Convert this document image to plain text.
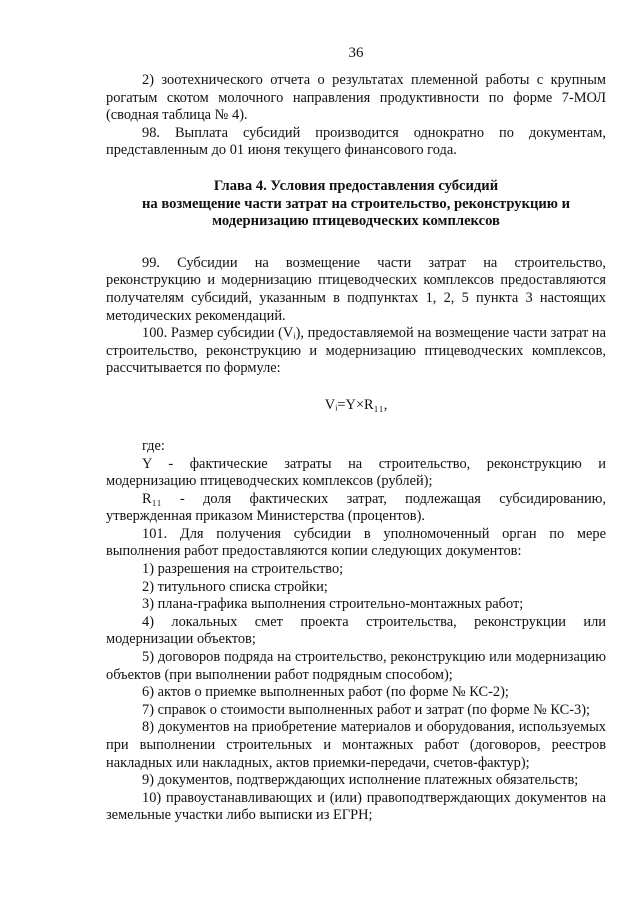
36

2) зоотехнического отчета о результатах племенной работы с крупным рогатым скотом молочного направления продуктивности по форме 7-МОЛ (сводная таблица № 4).

98. Выплата субсидий производится однократно по документам, представленным до 01 июня текущего финансового года.

Глава 4. Условия предоставления субсидий
на возмещение части затрат на строительство, реконструкцию и
модернизацию птицеводческих комплексов

99. Субсидии на возмещение части затрат на строительство, реконструкцию и модернизацию птицеводческих комплексов предоставляются получателям субсидий, указанным в подпунктах 1, 2, 5 пункта 3 настоящих методических рекомендаций.

100. Размер субсидии (Vᵢ), предоставляемой на возмещение части затрат на строительство, реконструкцию и модернизацию птицеводческих комплексов, рассчитывается по формуле:

Vᵢ=Y×R₁₁,

где:

Y - фактические затраты на строительство, реконструкцию и модернизацию птицеводческих комплексов (рублей);

R₁₁ - доля фактических затрат, подлежащая субсидированию, утвержденная приказом Министерства (процентов).

101. Для получения субсидии в уполномоченный орган по мере выполнения работ предоставляются копии следующих документов:

1) разрешения на строительство;

2) титульного списка стройки;

3) плана-графика выполнения строительно-монтажных работ;

4) локальных смет проекта строительства, реконструкции или модернизации объектов;

5) договоров подряда на строительство, реконструкцию или модернизацию объектов (при выполнении работ подрядным способом);

6) актов о приемке выполненных работ (по форме № КС-2);

7) справок о стоимости выполненных работ и затрат (по форме № КС-3);

8) документов на приобретение материалов и оборудования, используемых при выполнении строительных и монтажных работ (договоров, реестров накладных или накладных, актов приемки-передачи, счетов-фактур);

9) документов, подтверждающих исполнение платежных обязательств;

10) правоустанавливающих и (или) правоподтверждающих документов на земельные участки либо выписки из ЕГРН;
